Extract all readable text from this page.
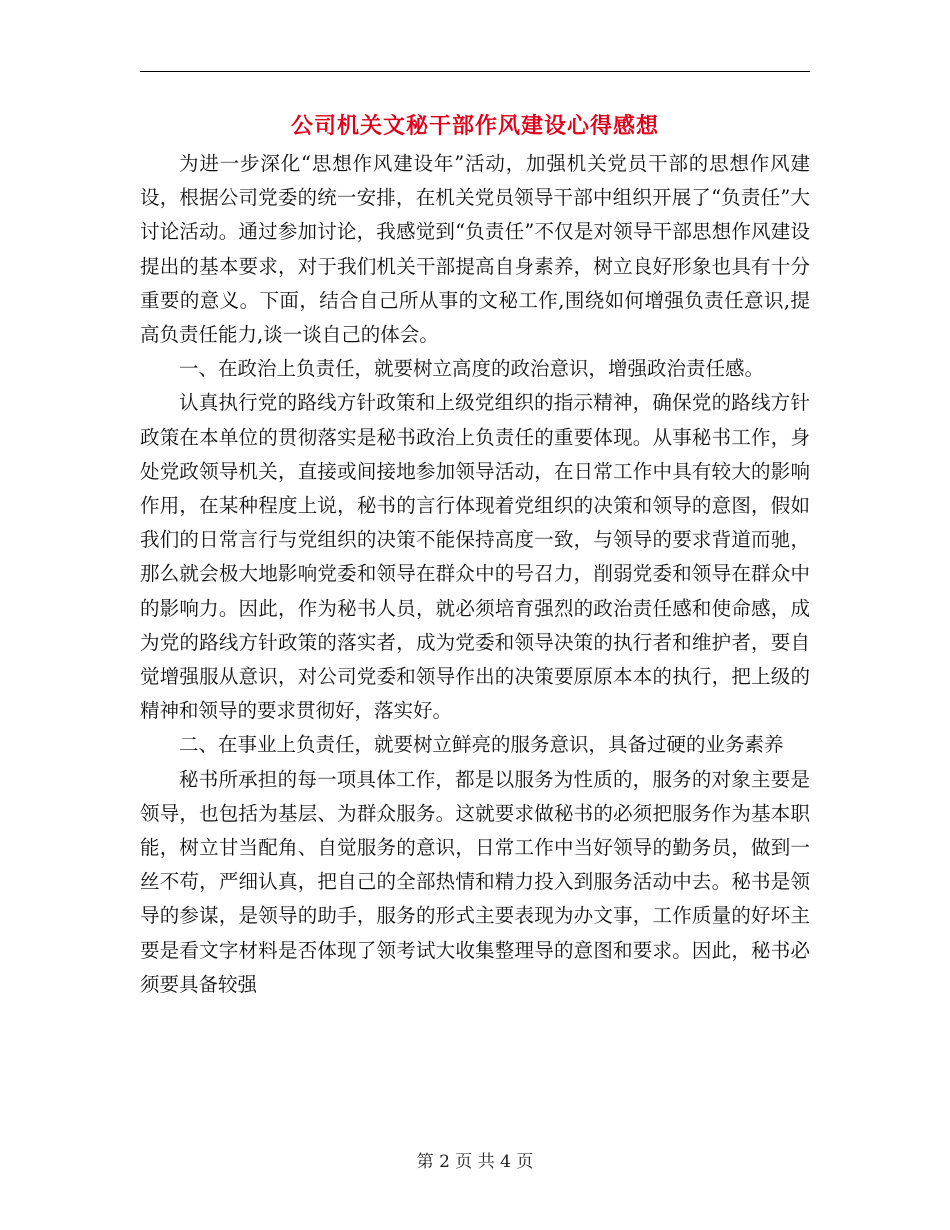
公司机关文秘干部作风建设心得感想

为进一步深化“思想作风建设年”活动，加强机关党员干部的思想作风建设，根据公司党委的统一安排，在机关党员领导干部中组织开展了“负责任”大讨论活动。通过参加讨论，我感觉到“负责任”不仅是对领导干部思想作风建设提出的基本要求，对于我们机关干部提高自身素养，树立良好形象也具有十分重要的意义。下面，结合自己所从事的文秘工作,围绕如何增强负责任意识,提高负责任能力,谈一谈自己的体会。

一、在政治上负责任，就要树立高度的政治意识，增强政治责任感。

认真执行党的路线方针政策和上级党组织的指示精神，确保党的路线方针政策在本单位的贯彻落实是秘书政治上负责任的重要体现。从事秘书工作，身处党政领导机关，直接或间接地参加领导活动，在日常工作中具有较大的影响作用，在某种程度上说，秘书的言行体现着党组织的决策和领导的意图，假如我们的日常言行与党组织的决策不能保持高度一致，与领导的要求背道而驰，那么就会极大地影响党委和领导在群众中的号召力，削弱党委和领导在群众中的影响力。因此，作为秘书人员，就必须培育强烈的政治责任感和使命感，成为党的路线方针政策的落实者，成为党委和领导决策的执行者和维护者，要自觉增强服从意识，对公司党委和领导作出的决策要原原本本的执行，把上级的精神和领导的要求贯彻好，落实好。

二、在事业上负责任，就要树立鲜亮的服务意识，具备过硬的业务素养

秘书所承担的每一项具体工作，都是以服务为性质的，服务的对象主要是领导，也包括为基层、为群众服务。这就要求做秘书的必须把服务作为基本职能，树立甘当配角、自觉服务的意识，日常工作中当好领导的勤务员，做到一丝不苟，严细认真，把自己的全部热情和精力投入到服务活动中去。秘书是领导的参谋，是领导的助手，服务的形式主要表现为办文事，工作质量的好坏主要是看文字材料是否体现了领考试大收集整理导的意图和要求。因此，秘书必须要具备较强

第 2 页 共 4 页
